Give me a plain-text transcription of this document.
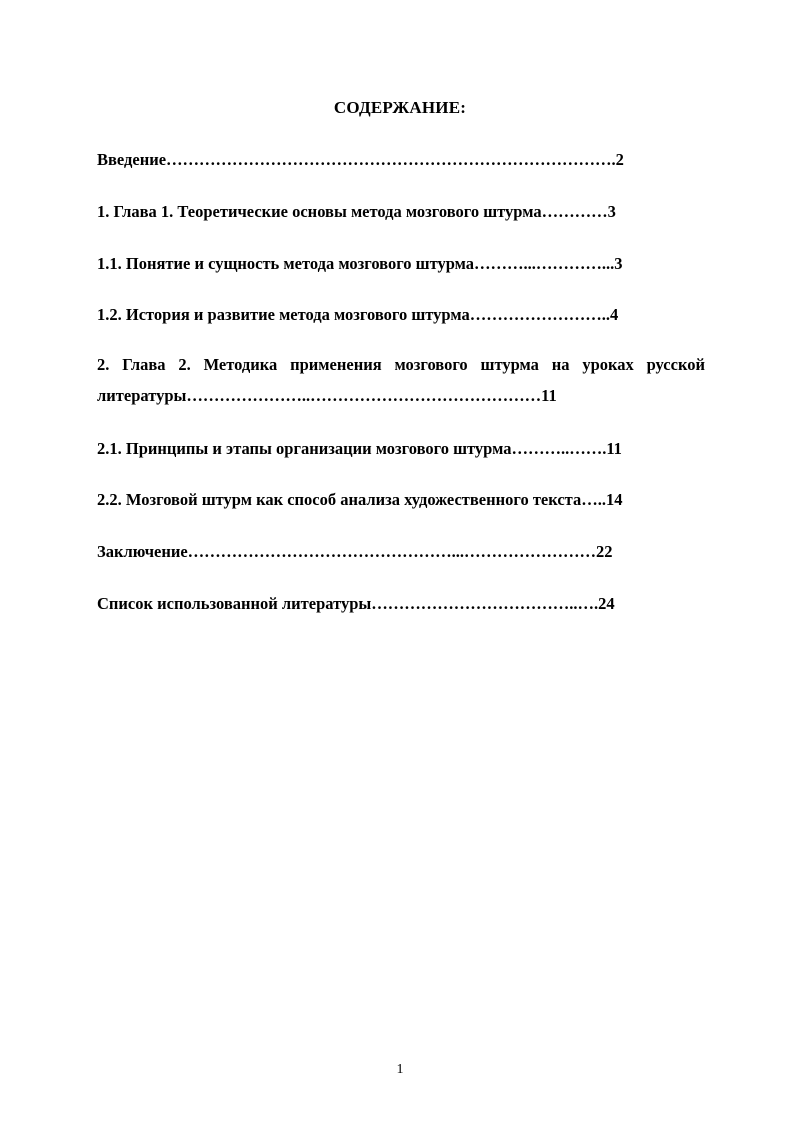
СОДЕРЖАНИЕ:
Введение……………………………………………………………………….2
1. Глава 1. Теоретические основы метода мозгового штурма…………3
1.1. Понятие и сущность метода мозгового штурма………...…………...3
1.2. История и развитие метода мозгового штурма……………………..4
2. Глава 2. Методика применения мозгового штурма на уроках русской литературы…………………..……………………………………11
2.1. Принципы и этапы организации мозгового штурма………..…….11
2.2. Мозговой штурм как способ анализа художественного текста…..14
Заключение…………………………………………...……………………22
Список использованной литературы………………………………..….24
1
